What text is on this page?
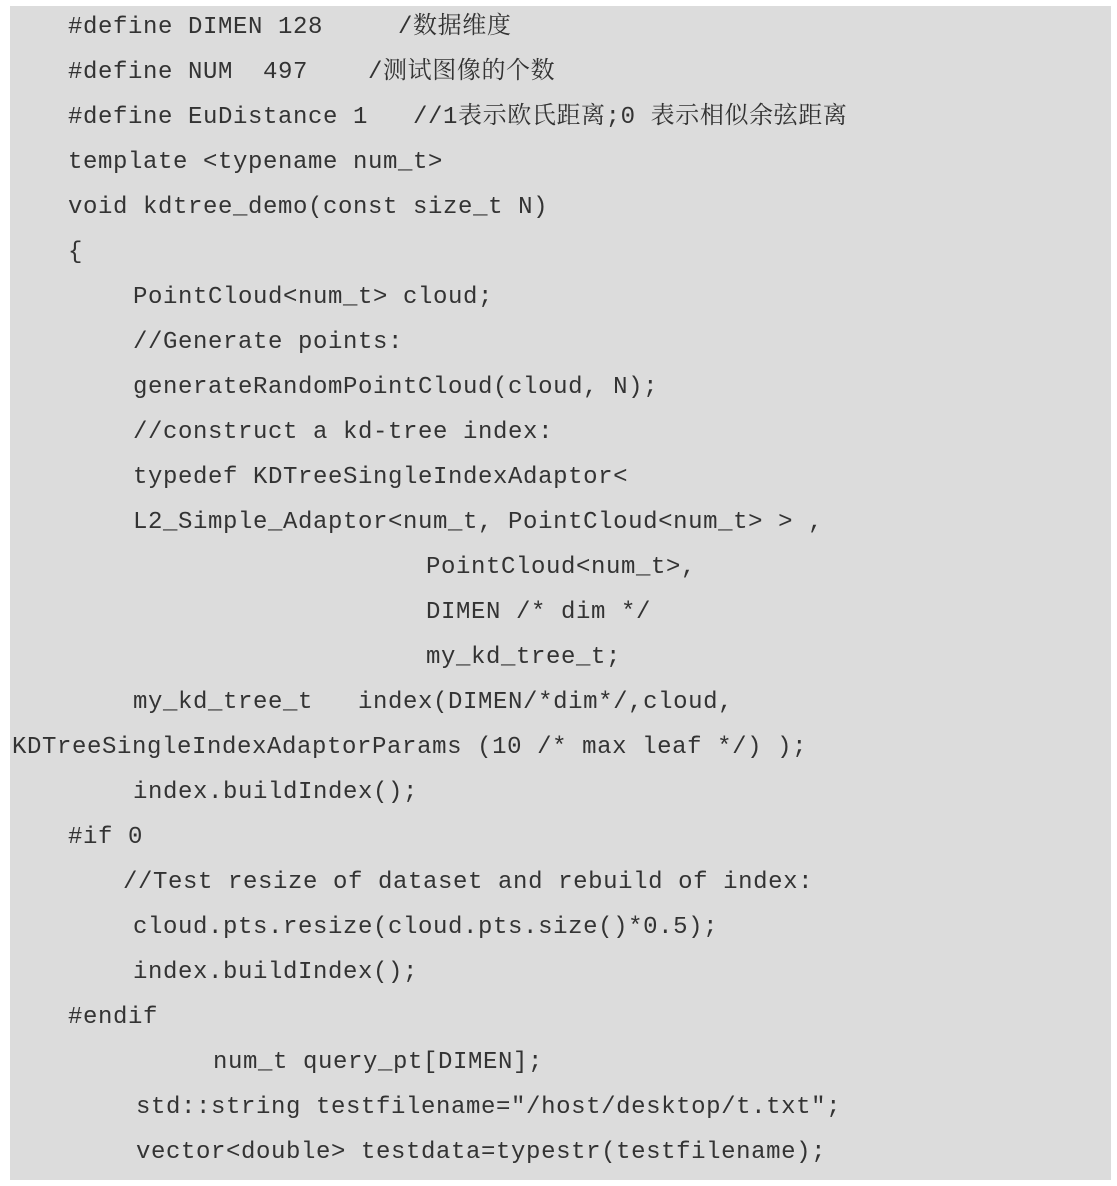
#define DIMEN 128     /数据维度
#define NUM  497    /测试图像的个数
#define EuDistance 1   //1表示欧氏距离;0 表示相似余弦距离
template <typename num_t>
void kdtree_demo(const size_t N)
{
PointCloud<num_t> cloud;
//Generate points:
generateRandomPointCloud(cloud, N);
//construct a kd-tree index:
typedef KDTreeSingleIndexAdaptor<
L2_Simple_Adaptor<num_t, PointCloud<num_t> > ,
PointCloud<num_t>,
DIMEN /* dim */
my_kd_tree_t;
my_kd_tree_t   index(DIMEN/*dim*/,cloud,
KDTreeSingleIndexAdaptorParams (10 /* max leaf */) );
index.buildIndex();
#if 0
//Test resize of dataset and rebuild of index:
cloud.pts.resize(cloud.pts.size()*0.5);
index.buildIndex();
#endif
num_t query_pt[DIMEN];
std::string testfilename="/host/desktop/t.txt";
vector<double> testdata=typestr(testfilename);
